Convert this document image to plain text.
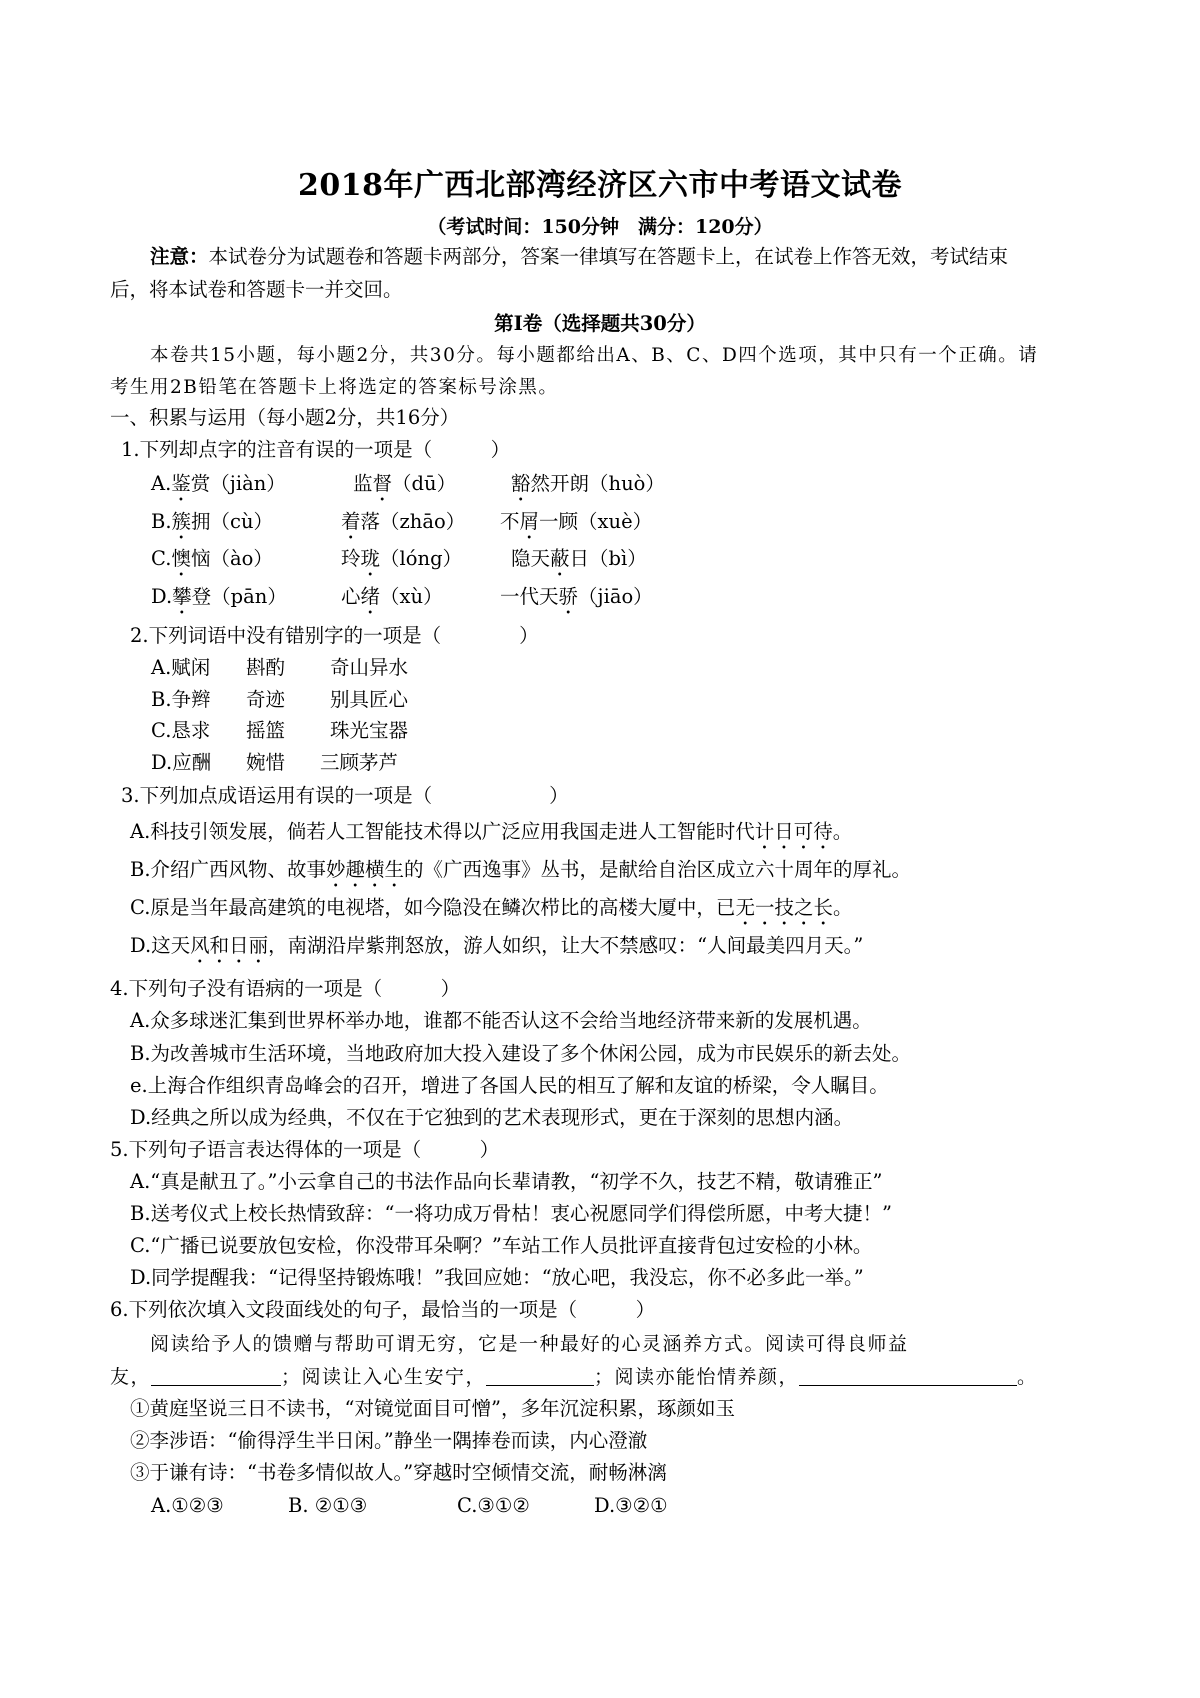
2018年广西北部湾经济区六市中考语文试卷
（考试时间：150分钟　满分：120分）
注意：本试卷分为试题卷和答题卡两部分，答案一律填写在答题卡上，在试卷上作答无效，考试结束
后，将本试卷和答题卡一并交回。
第Ⅰ卷（选择题共30分）
本卷共15小题，每小题2分，共30分。每小题都给出A、B、C、D四个选项，其中只有一个正确。请
考生用2B铅笔在答题卡上将选定的答案标号涂黑。
一、积累与运用（每小题2分，共16分）
1.下列却点字的注音有误的一项是（　　　）
A.鉴赏（jiàn）	监督（dū）	豁然开朗（huò）
B.簇拥（cù）	着落（zhāo） 不屑一顾（xuè）
C.懊恼（ào）	玲珑（lóng）	隐天蔽日（bì）
D.攀登（pān）	心绪（xù）	一代天骄（jiāo）
2.下列词语中没有错别字的一项是（　　　　）
A.赋闲 斟酌 奇山异水
B.争辫 奇迹 别具匠心
C.恳求 摇篮 珠光宝器
D.应酬 婉惜 三顾茅芦
3.下列加点成语运用有误的一项是（　　　　　　）
A.科技引领发展，倘若人工智能技术得以广泛应用我国走进人工智能时代计日可待。
B.介绍广西风物、故事妙趣横生的《广西逸事》丛书，是献给自治区成立六十周年的厚礼。
C.原是当年最高建筑的电视塔，如今隐没在鳞次栉比的高楼大厦中，已无一技之长。
D.这天风和日丽，南湖沿岸紫荆怒放，游人如织，让大不禁感叹：“人间最美四月天。”
4.下列句子没有语病的一项是（　　　）
A.众多球迷汇集到世界杯举办地，谁都不能否认这不会给当地经济带来新的发展机遇。
B.为改善城市生活环境，当地政府加大投入建设了多个休闲公园，成为市民娱乐的新去处。
e.上海合作组织青岛峰会的召开，增进了各国人民的相互了解和友谊的桥梁，令人瞩目。
D.经典之所以成为经典，不仅在于它独到的艺术表现形式，更在于深刻的思想内涵。
5.下列句子语言表达得体的一项是（　　　）
A.“真是献丑了。”小云拿自己的书法作品向长辈请教，“初学不久，技艺不精，敬请雅正”
B.送考仪式上校长热情致辞：“一将功成万骨枯！衷心祝愿同学们得偿所愿，中考大捷！”
C.“广播已说要放包安检，你没带耳朵啊？”车站工作人员批评直接背包过安检的小林。
D.同学提醒我：“记得坚持锻炼哦！”我回应她：“放心吧，我没忘，你不必多此一举。”
6.下列依次填入文段面线处的句子，最恰当的一项是（　　　）
阅读给予人的馈赠与帮助可谓无穷，它是一种最好的心灵涵养方式。阅读可得良师益
友，	；阅读让入心生安宁，	；阅读亦能怡情养颜，	。
①黄庭坚说三日不读书，“对镜觉面目可憎”，多年沉淀积累，琢颜如玉
②李涉语：“偷得浮生半日闲。”静坐一隅捧卷而读，内心澄澈
③于谦有诗：“书卷多情似故人。”穿越时空倾情交流，耐畅淋漓
A.①②③	B. ②①③	C.③①②	D.③②①
